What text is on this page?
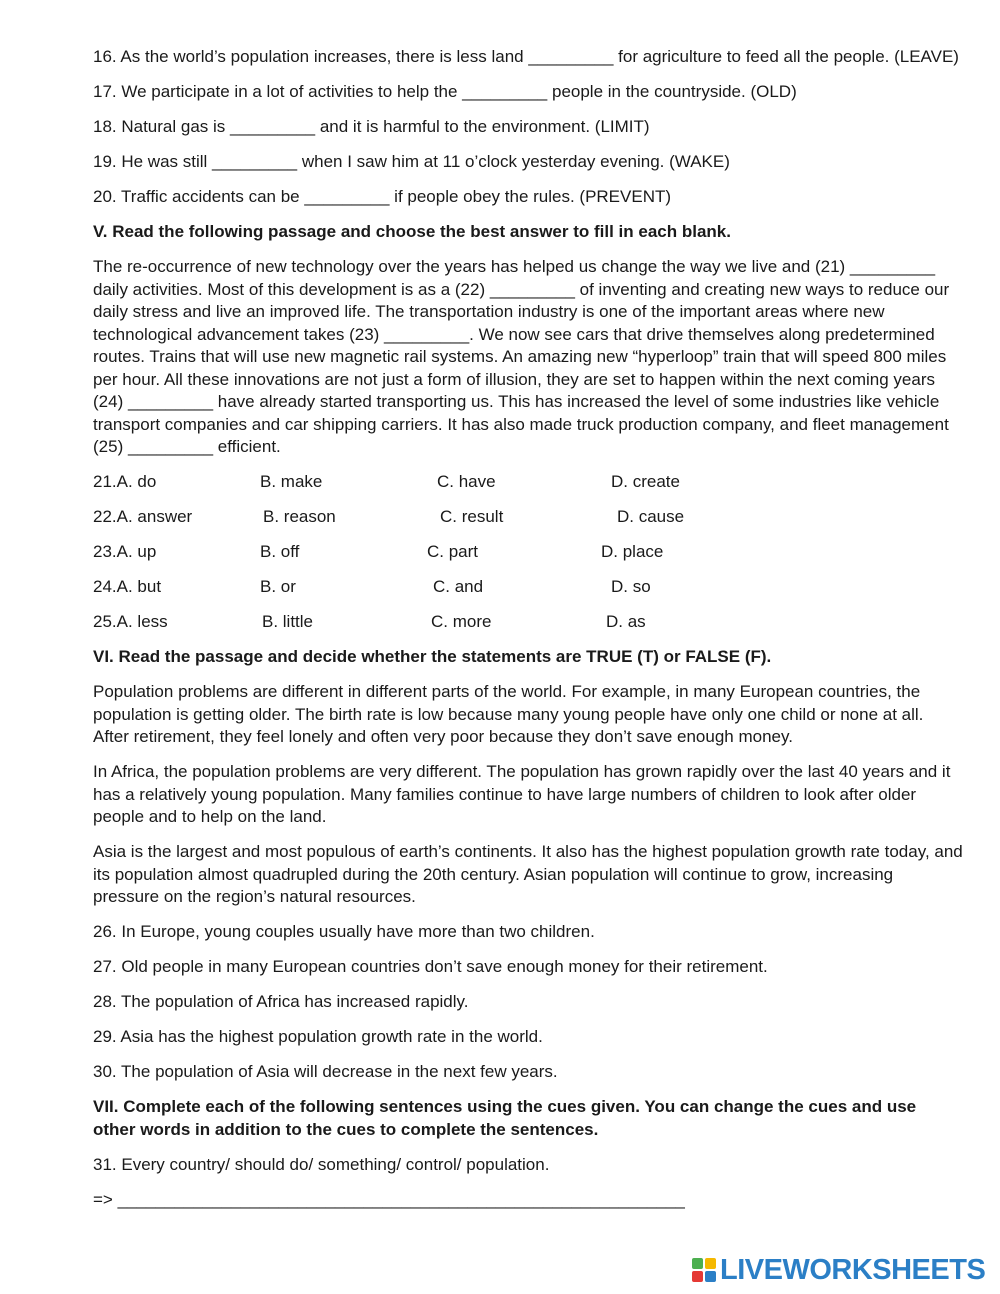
16. As the world’s population increases, there is less land _________ for agriculture to feed all the people. (LEAVE)

17. We participate in a lot of activities to help the _________ people in the countryside. (OLD)

18. Natural gas is _________ and it is harmful to the environment. (LIMIT)

19. He was still _________ when I saw him at 11 o’clock yesterday evening. (WAKE)

20. Traffic accidents can be _________ if people obey the rules. (PREVENT)

V. Read the following passage and choose the best answer to fill in each blank.

The re-occurrence of new technology over the years has helped us change the way we live and (21) _________ daily activities. Most of this development is as a (22) _________ of inventing and creating new ways to reduce our daily stress and live an improved life. The transportation industry is one of the important areas where new technological advancement takes (23) _________. We now see cars that drive themselves along predetermined routes. Trains that will use new magnetic rail systems. An amazing new “hyperloop” train that will speed 800 miles per hour. All these innovations are not just a form of illusion, they are set to happen within the next coming years (24) _________ have already started transporting us. This has increased the level of some industries like vehicle transport companies and car shipping carriers. It has also made truck production company, and fleet management (25) _________ efficient.

21.A. do	B. make	C. have	D. create
22.A. answer	B. reason	C. result	D. cause
23.A. up	B. off	C. part	D. place
24.A. but	B. or	C. and	D. so
25.A. less	B. little	C. more	D. as

VI. Read the passage and decide whether the statements are TRUE (T) or FALSE (F).

Population problems are different in different parts of the world. For example, in many European countries, the population is getting older. The birth rate is low because many young people have only one child or none at all. After retirement, they feel lonely and often very poor because they don’t save enough money.

In Africa, the population problems are very different. The population has grown rapidly over the last 40 years and it has a relatively young population. Many families continue to have large numbers of children to look after older people and to help on the land.

Asia is the largest and most populous of earth’s continents. It also has the highest population growth rate today, and its population almost quadrupled during the 20th century. Asian population will continue to grow, increasing pressure on the region’s natural resources.

26. In Europe, young couples usually have more than two children.

27. Old people in many European countries don’t save enough money for their retirement.

28. The population of Africa has increased rapidly.

29. Asia has the highest population growth rate in the world.

30. The population of Asia will decrease in the next few years.

VII. Complete each of the following sentences using the cues given. You can change the cues and use other words in addition to the cues to complete the sentences.

31. Every country/ should do/ something/ control/ population.

=> ____________________________________________________________

LIVEWORKSHEETS
